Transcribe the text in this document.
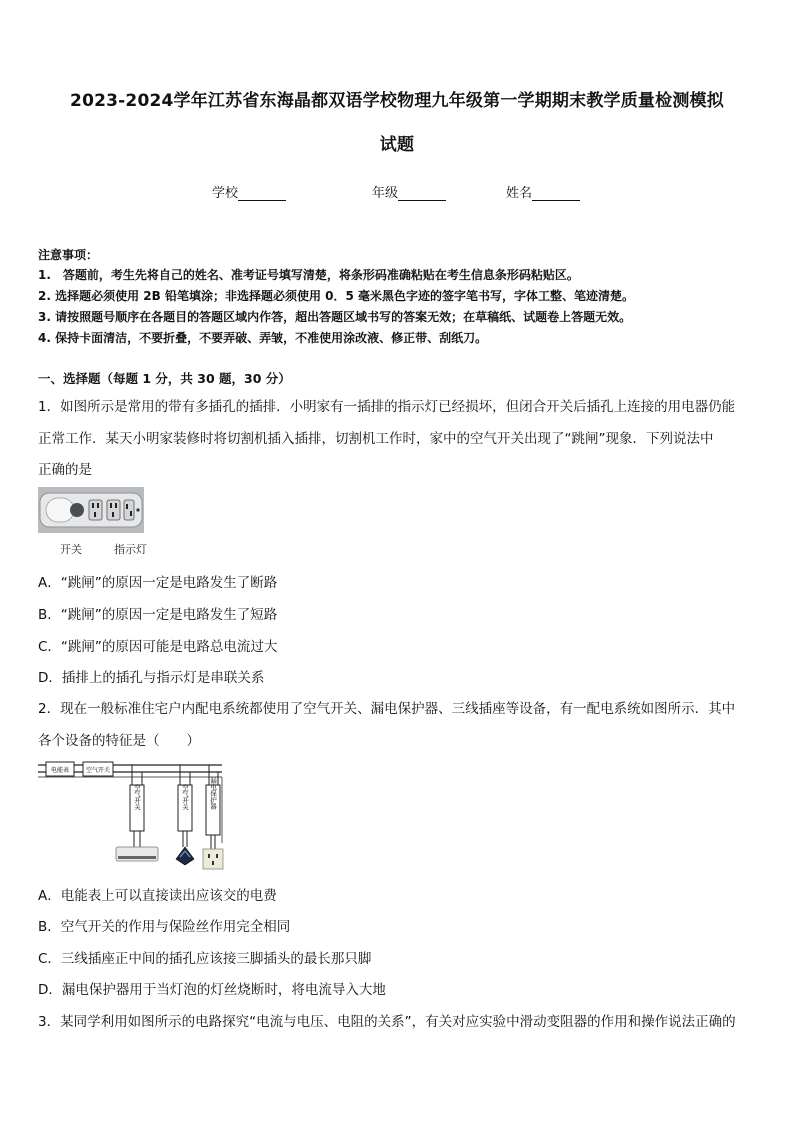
2023-2024学年江苏省东海晶都双语学校物理九年级第一学期期末教学质量检测模拟
试题
学校	年级	姓名
注意事项：
1.　答题前，考生先将自己的姓名、准考证号填写清楚，将条形码准确粘贴在考生信息条形码粘贴区。
2. 选择题必须使用 2B 铅笔填涂；非选择题必须使用 0．5 毫米黑色字迹的签字笔书写，字体工整、笔迹清楚。
3. 请按照题号顺序在各题目的答题区域内作答，超出答题区域书写的答案无效；在草稿纸、试题卷上答题无效。
4. 保持卡面清洁，不要折叠，不要弄破、弄皱，不准使用涂改液、修正带、刮纸刀。
一、选择题（每题 1 分，共 30 题，30 分）
1．如图所示是常用的带有多插孔的插排．小明家有一插排的指示灯已经损坏，但闭合开关后插孔上连接的用电器仍能
正常工作．某天小明家装修时将切割机插入插排，切割机工作时，家中的空气开关出现了“跳闸”现象．下列说法中
正确的是
开关	指示灯
A．“跳闸”的原因一定是电路发生了断路
B．“跳闸”的原因一定是电路发生了短路
C．“跳闸”的原因可能是电路总电流过大
D．插排上的插孔与指示灯是串联关系
2．现在一般标准住宅户内配电系统都使用了空气开关、漏电保护器、三线插座等设备，有一配电系统如图所示．其中
各个设备的特征是（　　）
电能表	空气开关
空气开关	空气开关	漏电保护器
A．电能表上可以直接读出应该交的电费
B．空气开关的作用与保险丝作用完全相同
C．三线插座正中间的插孔应该接三脚插头的最长那只脚
D．漏电保护器用于当灯泡的灯丝烧断时，将电流导入大地
3．某同学利用如图所示的电路探究“电流与电压、电阻的关系”，有关对应实验中滑动变阻器的作用和操作说法正确的
